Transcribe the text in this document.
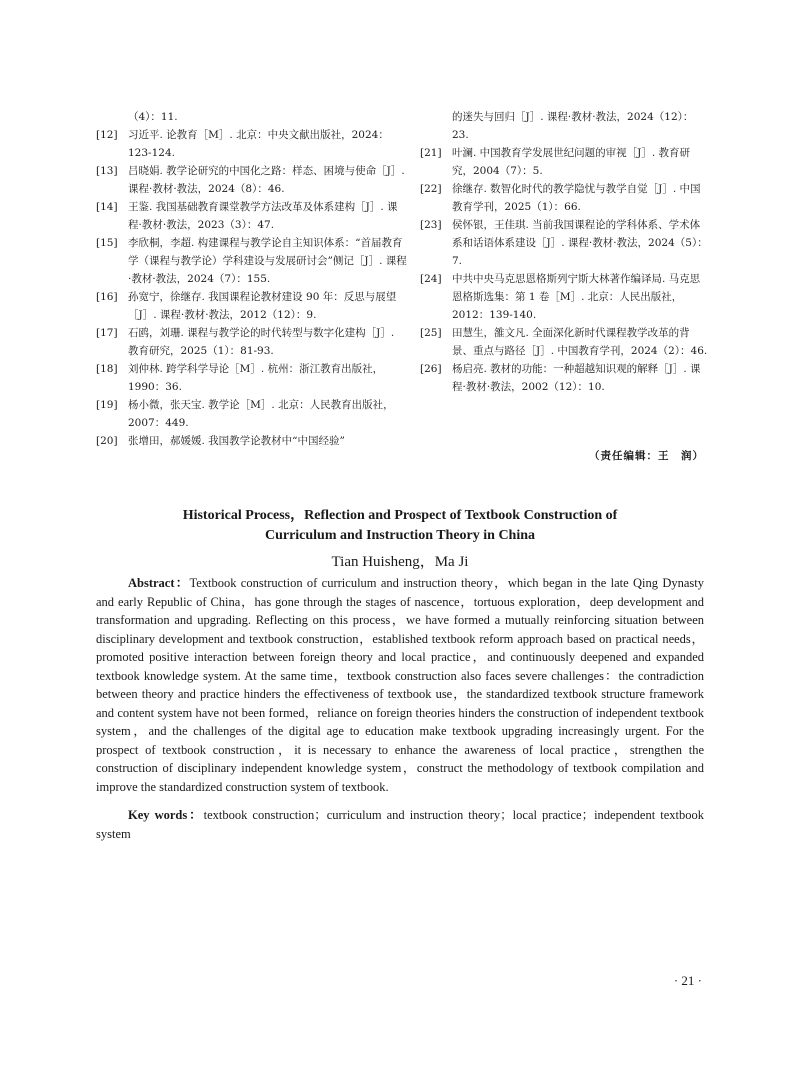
（4）：11.

[12] 习近平. 论教育［M］. 北京：中央文献出版社，2024：123-124.

[13] 吕晓娟. 教学论研究的中国化之路：样态、困境与使命［J］. 课程·教材·教法，2024（8）：46.

[14] 王鉴. 我国基础教育课堂教学方法改革及体系建构［J］. 课程·教材·教法，2023（3）：47.

[15] 李欣桐，李超. 构建课程与教学论自主知识体系：“首届教育学（课程与教学论）学科建设与发展研讨会”侧记［J］. 课程·教材·教法，2024（7）：155.

[16] 孙宽宁，徐继存. 我国课程论教材建设 90 年：反思与展望［J］. 课程·教材·教法，2012（12）：9.

[17] 石鸥，刘珊. 课程与教学论的时代转型与数字化建构［J］. 教育研究，2025（1）：81-93.

[18] 刘仲林. 跨学科学导论［M］. 杭州：浙江教育出版社，1990：36.

[19] 杨小微，张天宝. 教学论［M］. 北京：人民教育出版社，2007：449.

[20] 张增田，郝媛媛. 我国教学论教材中“中国经验”

的迷失与回归［J］. 课程·教材·教法，2024（12）：23.

[21] 叶澜. 中国教育学发展世纪问题的审视［J］. 教育研究，2004（7）：5.

[22] 徐继存. 数智化时代的教学隐忧与教学自觉［J］. 中国教育学刊，2025（1）：66.

[23] 侯怀银，王佳琪. 当前我国课程论的学科体系、学术体系和话语体系建设［J］. 课程·教材·教法，2024（5）：7.

[24] 中共中央马克思恩格斯列宁斯大林著作编译局. 马克思恩格斯选集：第 1 卷［M］. 北京：人民出版社，2012：139-140.

[25] 田慧生，雒文凡. 全面深化新时代课程教学改革的背景、重点与路径［J］. 中国教育学刊，2024（2）：46.

[26] 杨启亮. 教材的功能：一种超越知识观的解释［J］. 课程·教材·教法，2002（12）：10.

（责任编辑：王　润）
Historical Process，Reflection and Prospect of Textbook Construction of
Curriculum and Instruction Theory in China
Tian Huisheng，Ma Ji

Abstract：Textbook construction of curriculum and instruction theory，which began in the late Qing Dynasty and early Republic of China，has gone through the stages of nascence，tortuous exploration，deep development and transformation and upgrading. Reflecting on this process，we have formed a mutually reinforcing situation between disciplinary development and textbook construction，established textbook reform approach based on practical needs，promoted positive interaction between foreign theory and local practice，and continuously deepened and expanded textbook knowledge system. At the same time，textbook construction also faces severe challenges：the contradiction between theory and practice hinders the effectiveness of textbook use，the standardized textbook structure framework and content system have not been formed，reliance on foreign theories hinders the construction of independent textbook system，and the challenges of the digital age to education make textbook upgrading increasingly urgent. For the prospect of textbook construction，it is necessary to enhance the awareness of local practice，strengthen the construction of disciplinary independent knowledge system，construct the methodology of textbook compilation and improve the standardized construction system of textbook.

Key words：textbook construction；curriculum and instruction theory；local practice；independent textbook system

· 21 ·
